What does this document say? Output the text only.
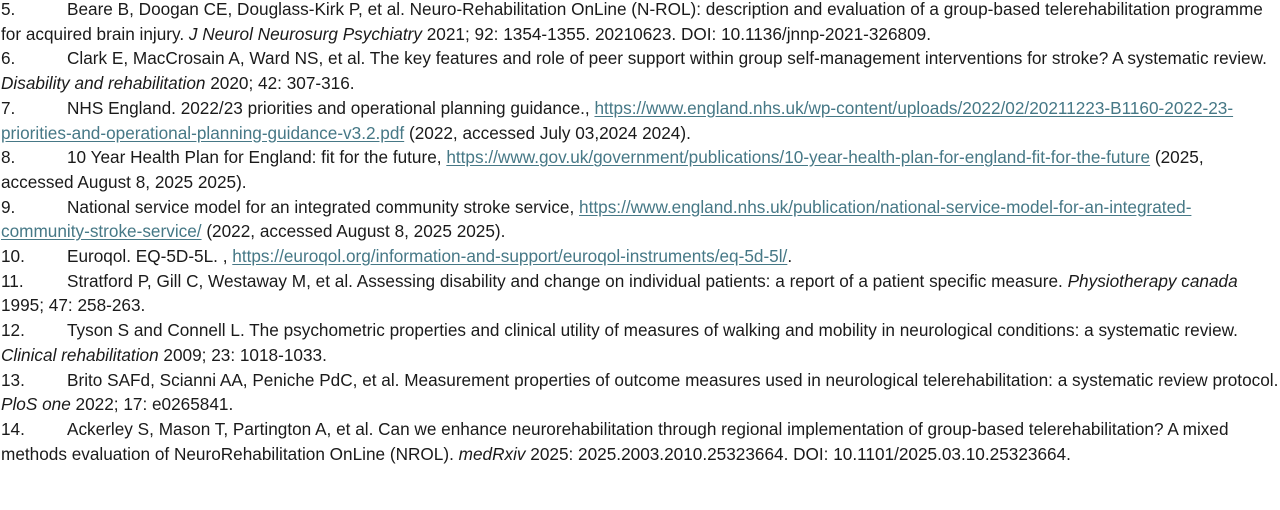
5.	Beare B, Doogan CE, Douglass-Kirk P, et al. Neuro-Rehabilitation OnLine (N-ROL): description and evaluation of a group-based telerehabilitation programme for acquired brain injury. J Neurol Neurosurg Psychiatry 2021; 92: 1354-1355. 20210623. DOI: 10.1136/jnnp-2021-326809.

6.	Clark E, MacCrosain A, Ward NS, et al. The key features and role of peer support within group self-management interventions for stroke? A systematic review. Disability and rehabilitation 2020; 42: 307-316.

7.	NHS England. 2022/23 priorities and operational planning guidance., https://www.england.nhs.uk/wp-content/uploads/2022/02/20211223-B1160-2022-23-priorities-and-operational-planning-guidance-v3.2.pdf (2022, accessed July 03,2024 2024).

8.	10 Year Health Plan for England: fit for the future, https://www.gov.uk/government/publications/10-year-health-plan-for-england-fit-for-the-future (2025, accessed August 8, 2025 2025).

9.	National service model for an integrated community stroke service, https://www.england.nhs.uk/publication/national-service-model-for-an-integrated-community-stroke-service/ (2022, accessed August 8, 2025 2025).

10. Euroqol. EQ-5D-5L. , https://euroqol.org/information-and-support/euroqol-instruments/eq-5d-5l/.

11.	Stratford P, Gill C, Westaway M, et al. Assessing disability and change on individual patients: a report of a patient specific measure. Physiotherapy canada 1995; 47: 258-263.

12. Tyson S and Connell L. The psychometric properties and clinical utility of measures of walking and mobility in neurological conditions: a systematic review. Clinical rehabilitation 2009; 23: 1018-1033.

13. Brito SAFd, Scianni AA, Peniche PdC, et al. Measurement properties of outcome measures used in neurological telerehabilitation: a systematic review protocol. PloS one 2022; 17: e0265841.

14. Ackerley S, Mason T, Partington A, et al. Can we enhance neurorehabilitation through regional implementation of group-based telerehabilitation? A mixed methods evaluation of NeuroRehabilitation OnLine (NROL). medRxiv 2025: 2025.2003.2010.25323664. DOI: 10.1101/2025.03.10.25323664.
